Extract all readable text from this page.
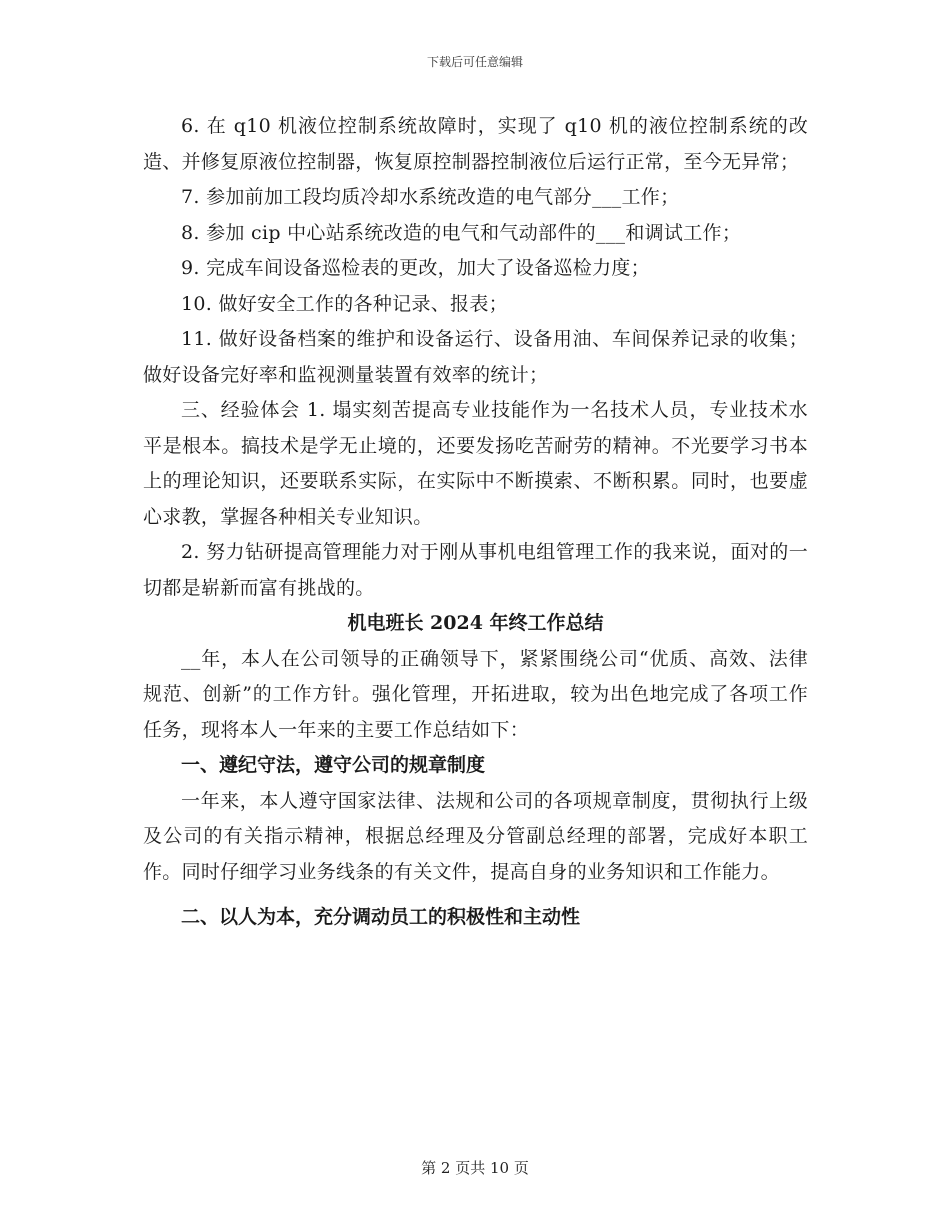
下载后可任意编辑

6. 在 q10 机液位控制系统故障时，实现了 q10 机的液位控制系统的改造、并修复原液位控制器，恢复原控制器控制液位后运行正常，至今无异常；

7. 参加前加工段均质冷却水系统改造的电气部分___工作；

8. 参加 cip 中心站系统改造的电气和气动部件的___和调试工作；

9. 完成车间设备巡检表的更改，加大了设备巡检力度；

10. 做好安全工作的各种记录、报表；

11. 做好设备档案的维护和设备运行、设备用油、车间保养记录的收集；做好设备完好率和监视测量装置有效率的统计；

三、经验体会 1. 塌实刻苦提高专业技能作为一名技术人员，专业技术水平是根本。搞技术是学无止境的，还要发扬吃苦耐劳的精神。不光要学习书本上的理论知识，还要联系实际，在实际中不断摸索、不断积累。同时，也要虚心求教，掌握各种相关专业知识。

2. 努力钻研提高管理能力对于刚从事机电组管理工作的我来说，面对的一切都是崭新而富有挑战的。

机电班长 2024 年终工作总结

__年，本人在公司领导的正确领导下，紧紧围绕公司“优质、高效、法律规范、创新”的工作方针。强化管理，开拓进取，较为出色地完成了各项工作任务，现将本人一年来的主要工作总结如下：

一、遵纪守法，遵守公司的规章制度

一年来，本人遵守国家法律、法规和公司的各项规章制度，贯彻执行上级及公司的有关指示精神，根据总经理及分管副总经理的部署，完成好本职工作。同时仔细学习业务线条的有关文件，提高自身的业务知识和工作能力。

二、以人为本，充分调动员工的积极性和主动性

第 2 页共 10 页
